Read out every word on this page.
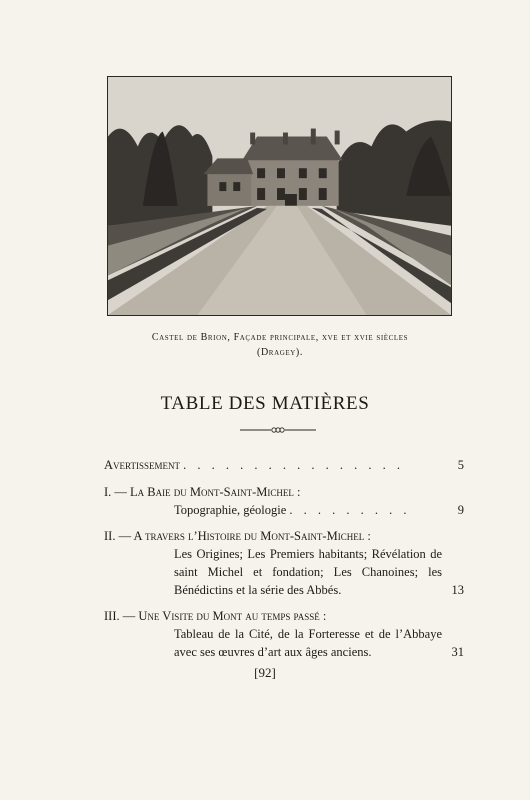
Castel de Brion, Façade principale, xve et xvie siècles
(Dragey).
TABLE DES MATIÈRES
Avertissement . . . . . . . . . . . . . . . .	5
I. — La Baie du Mont-Saint-Michel :
Topographie, géologie . . . . . . . . .	9
II. — A travers l’Histoire du Mont-Saint-Michel :
Les Origines; Les Premiers habitants; Révélation de saint Michel et fondation; Les Chanoines; les Bénédictins et la série des Abbés.	13
III. — Une Visite du Mont au temps passé :
Tableau de la Cité, de la Forteresse et de l’Abbaye avec ses œuvres d’art aux âges anciens.	31
[92]
